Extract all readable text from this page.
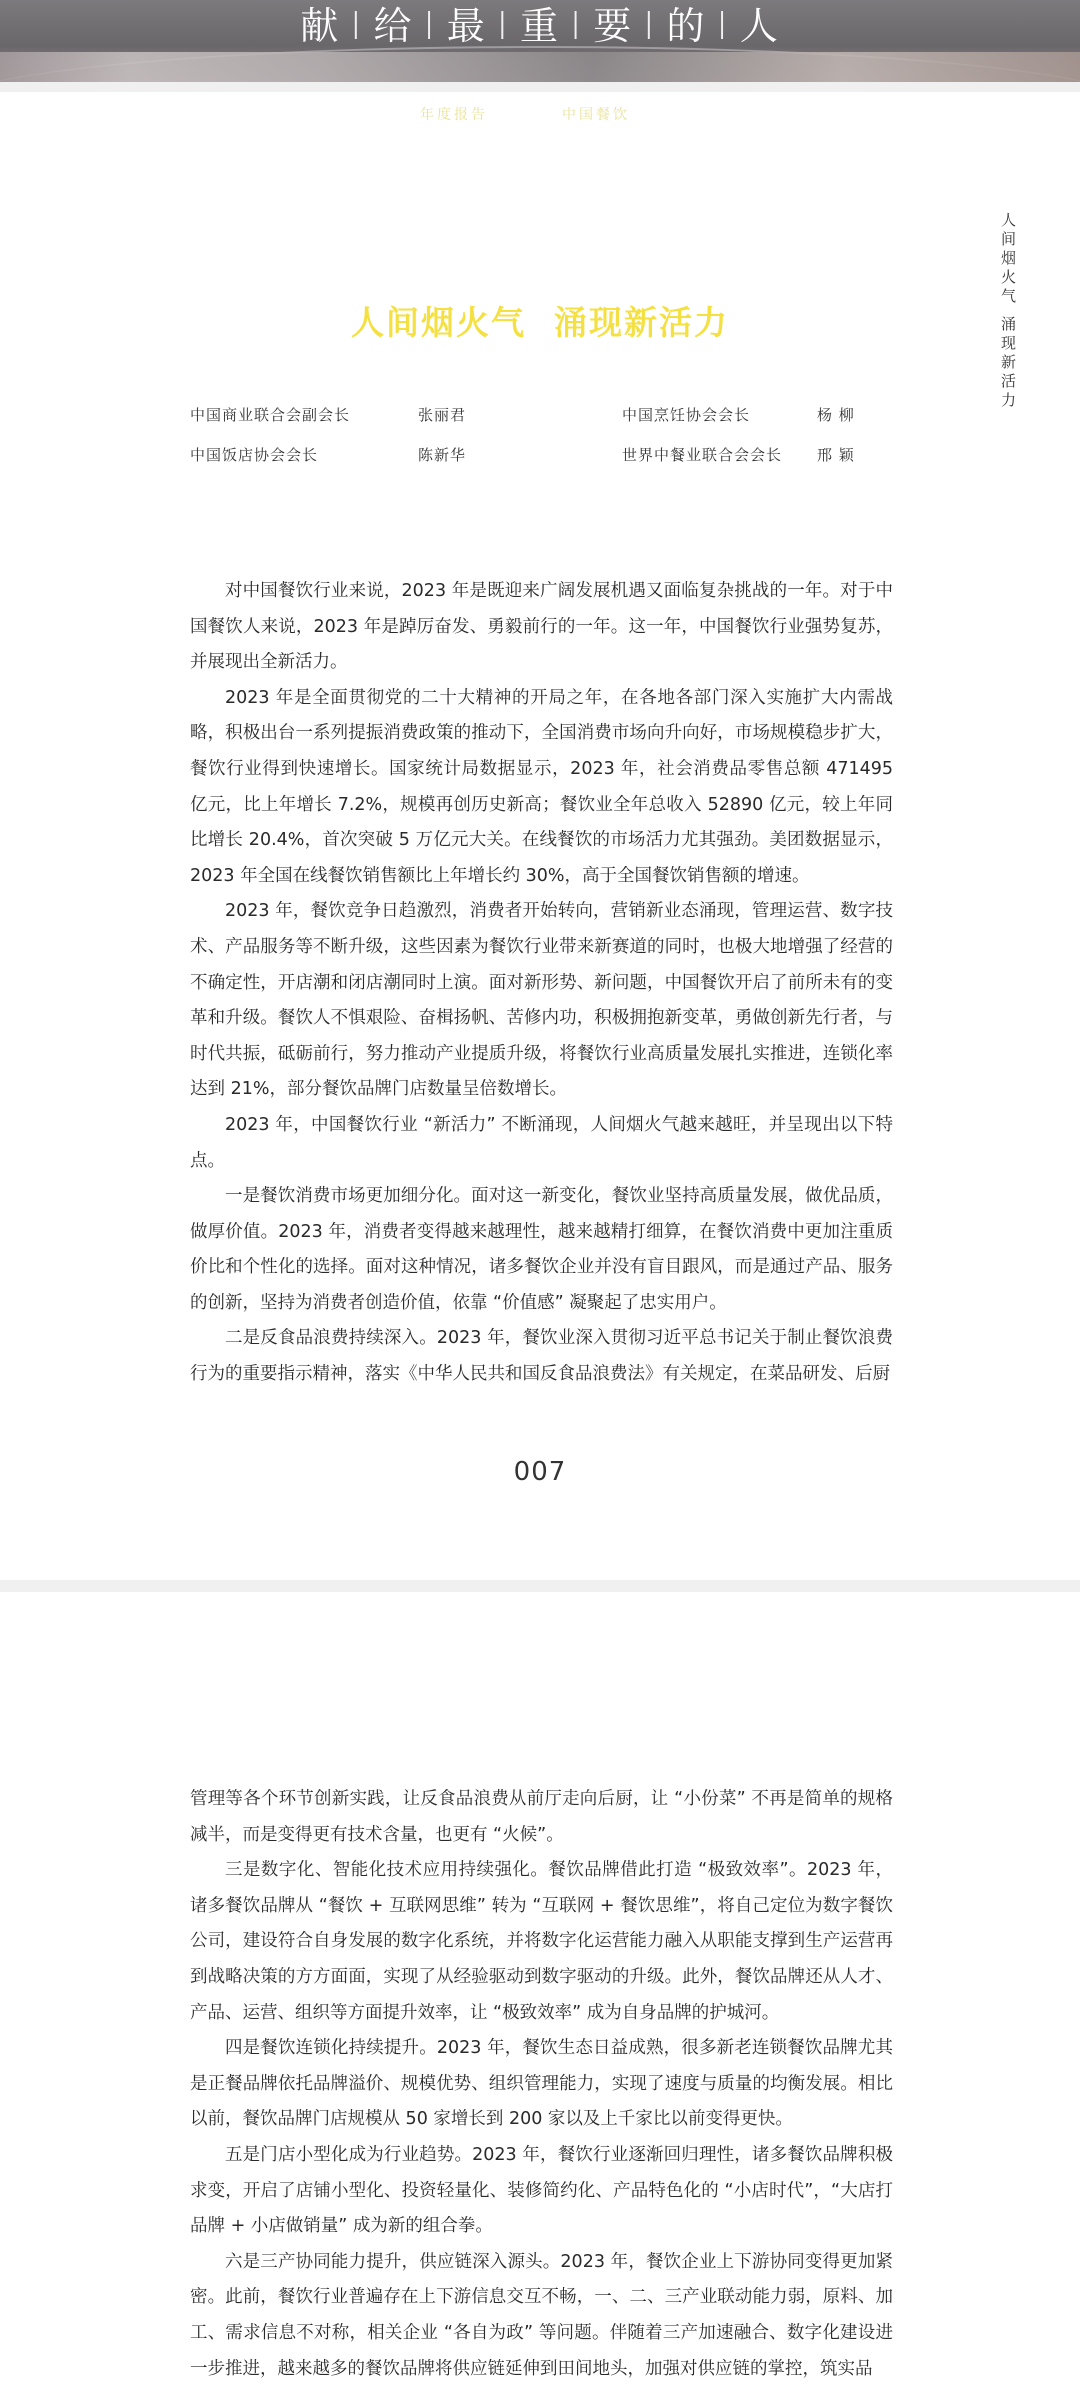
献 I 给 I 最 I 重 I 要 I 的 I 人
年度报告	中国餐饮
人间烟火气 涌现新活力
人间烟火气 涌现新活力
中国商业联合会副会长	张丽君	中国烹饪协会会长	杨 柳
中国饭店协会会长	陈新华	世界中餐业联合会会长 邢 颖

对中国餐饮行业来说，2023 年是既迎来广阔发展机遇又面临复杂挑战的一年。对于中国餐饮人来说，2023 年是踔厉奋发、勇毅前行的一年。这一年，中国餐饮行业强势复苏，并展现出全新活力。

2023 年是全面贯彻党的二十大精神的开局之年，在各地各部门深入实施扩大内需战略，积极出台一系列提振消费政策的推动下，全国消费市场向升向好，市场规模稳步扩大，餐饮行业得到快速增长。国家统计局数据显示，2023 年，社会消费品零售总额 471495 亿元，比上年增长 7.2%，规模再创历史新高；餐饮业全年总收入 52890 亿元，较上年同比增长 20.4%，首次突破 5 万亿元大关。在线餐饮的市场活力尤其强劲。美团数据显示，2023 年全国在线餐饮销售额比上年增长约 30%，高于全国餐饮销售额的增速。

2023 年，餐饮竞争日趋激烈，消费者开始转向，营销新业态涌现，管理运营、数字技术、产品服务等不断升级，这些因素为餐饮行业带来新赛道的同时，也极大地增强了经营的不确定性，开店潮和闭店潮同时上演。面对新形势、新问题，中国餐饮开启了前所未有的变革和升级。餐饮人不惧艰险、奋楫扬帆、苦修内功，积极拥抱新变革，勇做创新先行者，与时代共振，砥砺前行，努力推动产业提质升级，将餐饮行业高质量发展扎实推进，连锁化率达到 21%，部分餐饮品牌门店数量呈倍数增长。

2023 年，中国餐饮行业 “新活力” 不断涌现，人间烟火气越来越旺，并呈现出以下特点。

一是餐饮消费市场更加细分化。面对这一新变化，餐饮业坚持高质量发展，做优品质，做厚价值。2023 年，消费者变得越来越理性，越来越精打细算，在餐饮消费中更加注重质价比和个性化的选择。面对这种情况，诸多餐饮企业并没有盲目跟风，而是通过产品、服务的创新，坚持为消费者创造价值，依靠 “价值感” 凝聚起了忠实用户。

二是反食品浪费持续深入。2023 年，餐饮业深入贯彻习近平总书记关于制止餐饮浪费行为的重要指示精神，落实《中华人民共和国反食品浪费法》有关规定，在菜品研发、后厨

007

管理等各个环节创新实践，让反食品浪费从前厅走向后厨，让 “小份菜” 不再是简单的规格减半，而是变得更有技术含量，也更有 “火候”。

三是数字化、智能化技术应用持续强化。餐饮品牌借此打造 “极致效率”。2023 年，诸多餐饮品牌从 “餐饮 + 互联网思维” 转为 “互联网 + 餐饮思维”，将自己定位为数字餐饮公司，建设符合自身发展的数字化系统，并将数字化运营能力融入从职能支撑到生产运营再到战略决策的方方面面，实现了从经验驱动到数字驱动的升级。此外，餐饮品牌还从人才、产品、运营、组织等方面提升效率，让 “极致效率” 成为自身品牌的护城河。

四是餐饮连锁化持续提升。2023 年，餐饮生态日益成熟，很多新老连锁餐饮品牌尤其是正餐品牌依托品牌溢价、规模优势、组织管理能力，实现了速度与质量的均衡发展。相比以前，餐饮品牌门店规模从 50 家增长到 200 家以及上千家比以前变得更快。

五是门店小型化成为行业趋势。2023 年，餐饮行业逐渐回归理性，诸多餐饮品牌积极求变，开启了店铺小型化、投资轻量化、装修简约化、产品特色化的 “小店时代”，“大店打品牌 + 小店做销量” 成为新的组合拳。

六是三产协同能力提升，供应链深入源头。2023 年，餐饮企业上下游协同变得更加紧密。此前，餐饮行业普遍存在上下游信息交互不畅，一、二、三产业联动能力弱，原料、加工、需求信息不对称，相关企业 “各自为政” 等问题。伴随着三产加速融合、数字化建设进一步推进，越来越多的餐饮品牌将供应链延伸到田间地头，加强对供应链的掌控，筑实品
